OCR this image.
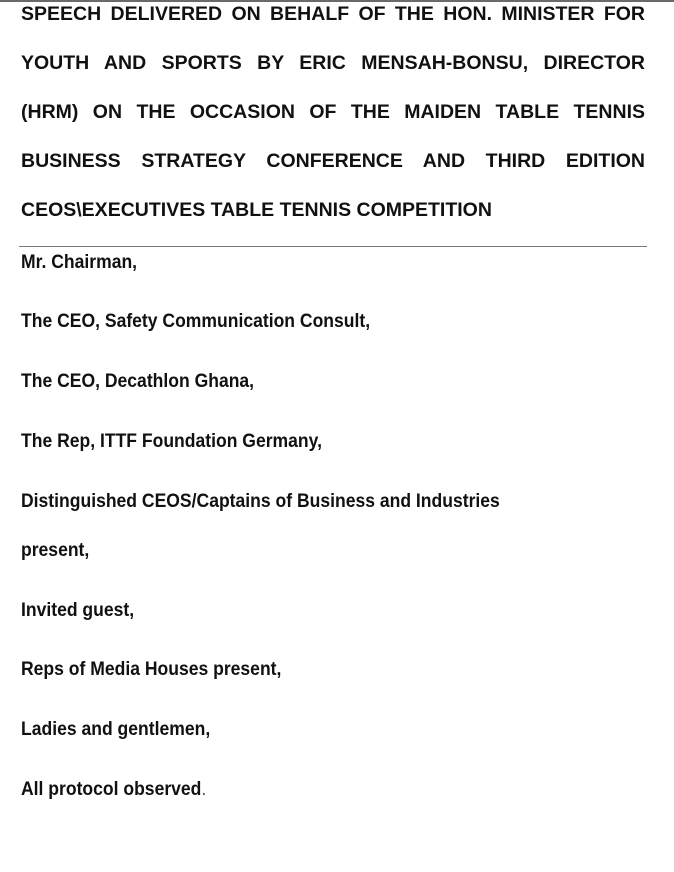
SPEECH DELIVERED ON BEHALF OF THE HON. MINISTER FOR
YOUTH AND SPORTS BY ERIC MENSAH-BONSU, DIRECTOR
(HRM) ON THE OCCASION OF THE MAIDEN TABLE TENNIS
BUSINESS STRATEGY CONFERENCE AND THIRD EDITION
CEOS\EXECUTIVES TABLE TENNIS COMPETITION
Mr. Chairman,
The CEO, Safety Communication Consult,
The CEO, Decathlon Ghana,
The Rep, ITTF Foundation Germany,
Distinguished CEOS/Captains of Business and Industries
present,
Invited guest,
Reps of Media Houses present,
Ladies and gentlemen,
All protocol observed.
